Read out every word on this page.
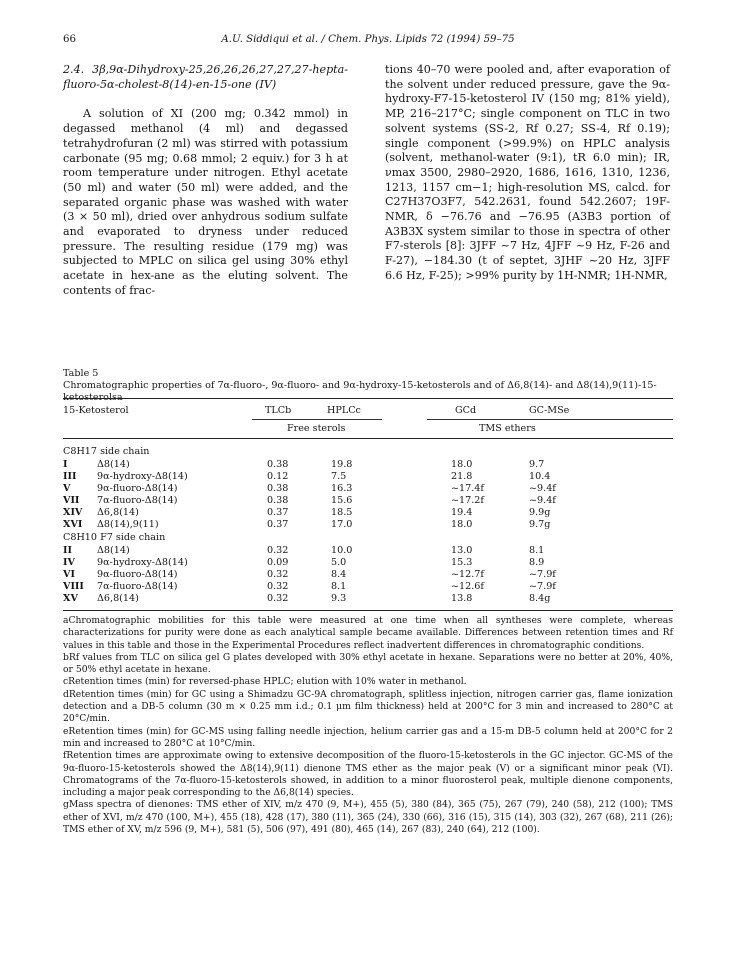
66	A.U. Siddiqui et al. / Chem. Phys. Lipids 72 (1994) 59–75

2.4. 3β,9α-Dihydroxy-25,26,26,26,27,27,27-hepta-fluoro-5α-cholest-8(14)-en-15-one (IV)

A solution of XI (200 mg; 0.342 mmol) in degassed methanol (4 ml) and degassed tetrahydrofuran (2 ml) was stirred with potassium carbonate (95 mg; 0.68 mmol; 2 equiv.) for 3 h at room temperature under nitrogen. Ethyl acetate (50 ml) and water (50 ml) were added, and the separated organic phase was washed with water (3 × 50 ml), dried over anhydrous sodium sulfate and evaporated to dryness under reduced pressure. The resulting residue (179 mg) was subjected to MPLC on silica gel using 30% ethyl acetate in hex-ane as the eluting solvent. The contents of frac-

tions 40–70 were pooled and, after evaporation of the solvent under reduced pressure, gave the 9α-hydroxy-F7-15-ketosterol IV (150 mg; 81% yield), MP, 216–217°C; single component on TLC in two solvent systems (SS-2, Rf 0.27; SS-4, Rf 0.19); single component (>99.9%) on HPLC analysis (solvent, methanol-water (9:1), tR 6.0 min); IR, νmax 3500, 2980–2920, 1686, 1616, 1310, 1236, 1213, 1157 cm−1; high-resolution MS, calcd. for C27H37O3F7, 542.2631, found 542.2607; 19F-NMR, δ −76.76 and −76.95 (A3B3 portion of A3B3X system similar to those in spectra of other F7-sterols [8]: 3JFF ~7 Hz, 4JFF ~9 Hz, F-26 and F-27), −184.30 (t of septet, 3JHF ~20 Hz, 3JFF 6.6 Hz, F-25); >99% purity by 1H-NMR; 1H-NMR,

Table 5
Chromatographic properties of 7α-fluoro-, 9α-fluoro- and 9α-hydroxy-15-ketosterols and of Δ6,8(14)- and Δ8(14),9(11)-15-ketosterolsa
15-Ketosterol	TLCb	HPLCc	GCd	GC-MSe
Free sterols	TMS ethers
C8H17 side chain
I	Δ8(14)	0.38	19.8	18.0	9.7
III 9α-hydroxy-Δ8(14)	0.12	7.5	21.8	10.4
V	9α-fluoro-Δ8(14)	0.38	16.3	~17.4f	~9.4f
VII 7α-fluoro-Δ8(14)	0.38	15.6	~17.2f	~9.4f
XIV Δ6,8(14)	0.37	18.5	19.4	9.9g
XVI Δ8(14),9(11)	0.37	17.0	18.0	9.7g
C8H10 F7 side chain
II	Δ8(14)	0.32	10.0	13.0	8.1
IV 9α-hydroxy-Δ8(14)	0.09	5.0	15.3	8.9
VI 9α-fluoro-Δ8(14)	0.32	8.4	~12.7f	~7.9f
VIII 7α-fluoro-Δ8(14)	0.32	8.1	~12.6f	~7.9f
XV Δ6,8(14)	0.32	9.3	13.8	8.4g

aChromatographic mobilities for this table were measured at one time when all syntheses were complete, whereas characterizations for purity were done as each analytical sample became available. Differences between retention times and Rf values in this table and those in the Experimental Procedures reflect inadvertent differences in chromatographic conditions.

bRf values from TLC on silica gel G plates developed with 30% ethyl acetate in hexane. Separations were no better at 20%, 40%, or 50% ethyl acetate in hexane.

cRetention times (min) for reversed-phase HPLC; elution with 10% water in methanol.

dRetention times (min) for GC using a Shimadzu GC-9A chromatograph, splitless injection, nitrogen carrier gas, flame ionization detection and a DB-5 column (30 m × 0.25 mm i.d.; 0.1 μm film thickness) held at 200°C for 3 min and increased to 280°C at 20°C/min.

eRetention times (min) for GC-MS using falling needle injection, helium carrier gas and a 15-m DB-5 column held at 200°C for 2 min and increased to 280°C at 10°C/min.

fRetention times are approximate owing to extensive decomposition of the fluoro-15-ketosterols in the GC injector. GC-MS of the 9α-fluoro-15-ketosterols showed the Δ8(14),9(11) dienone TMS ether as the major peak (V) or a significant minor peak (VI). Chromatograms of the 7α-fluoro-15-ketosterols showed, in addition to a minor fluorosterol peak, multiple dienone components, including a major peak corresponding to the Δ6,8(14) species.

gMass spectra of dienones: TMS ether of XIV, m/z 470 (9, M+), 455 (5), 380 (84), 365 (75), 267 (79), 240 (58), 212 (100); TMS ether of XVI, m/z 470 (100, M+), 455 (18), 428 (17), 380 (11), 365 (24), 330 (66), 316 (15), 315 (14), 303 (32), 267 (68), 211 (26); TMS ether of XV, m/z 596 (9, M+), 581 (5), 506 (97), 491 (80), 465 (14), 267 (83), 240 (64), 212 (100).
